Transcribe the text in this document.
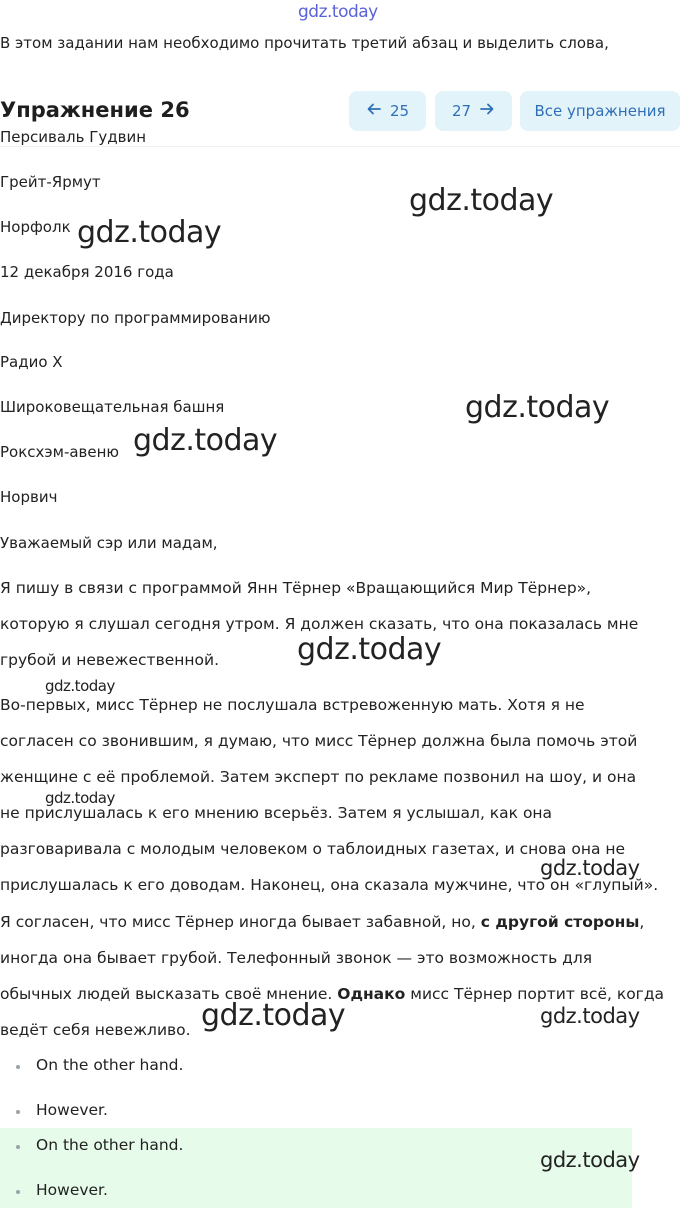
gdz.today
В этом задании нам необходимо прочитать третий абзац и выделить слова,
Упражнение 26	25	27	Все упражнения
Персиваль Гудвин
Грейт-Ярмут
Норфолк
12 декабря 2016 года
Директору по программированию
Радио X
Широковещательная башня
Роксхэм-авеню
Норвич
Уважаемый сэр или мадам,
Я пишу в связи с программой Янн Тёрнер «Вращающийся Мир Тёрнер»,
которую я слушал сегодня утром. Я должен сказать, что она показалась мне
грубой и невежественной.
Во-первых, мисс Тёрнер не послушала встревоженную мать. Хотя я не
согласен со звонившим, я думаю, что мисс Тёрнер должна была помочь этой
женщине с её проблемой. Затем эксперт по рекламе позвонил на шоу, и она
не прислушалась к его мнению всерьёз. Затем я услышал, как она
разговаривала с молодым человеком о таблоидных газетах, и снова она не
прислушалась к его доводам. Наконец, она сказала мужчине, что он «глупый».
Я согласен, что мисс Тёрнер иногда бывает забавной, но, с другой стороны,
иногда она бывает грубой. Телефонный звонок — это возможность для
обычных людей высказать своё мнение. Однако мисс Тёрнер портит всё, когда
ведёт себя невежливо.
On the other hand.
However.
On the other hand.
However.
gdz.today
gdz.today
gdz.today
gdz.today
gdz.today
gdz.today
gdz.today
gdz.today
gdz.today	gdz.today
gdz.today
